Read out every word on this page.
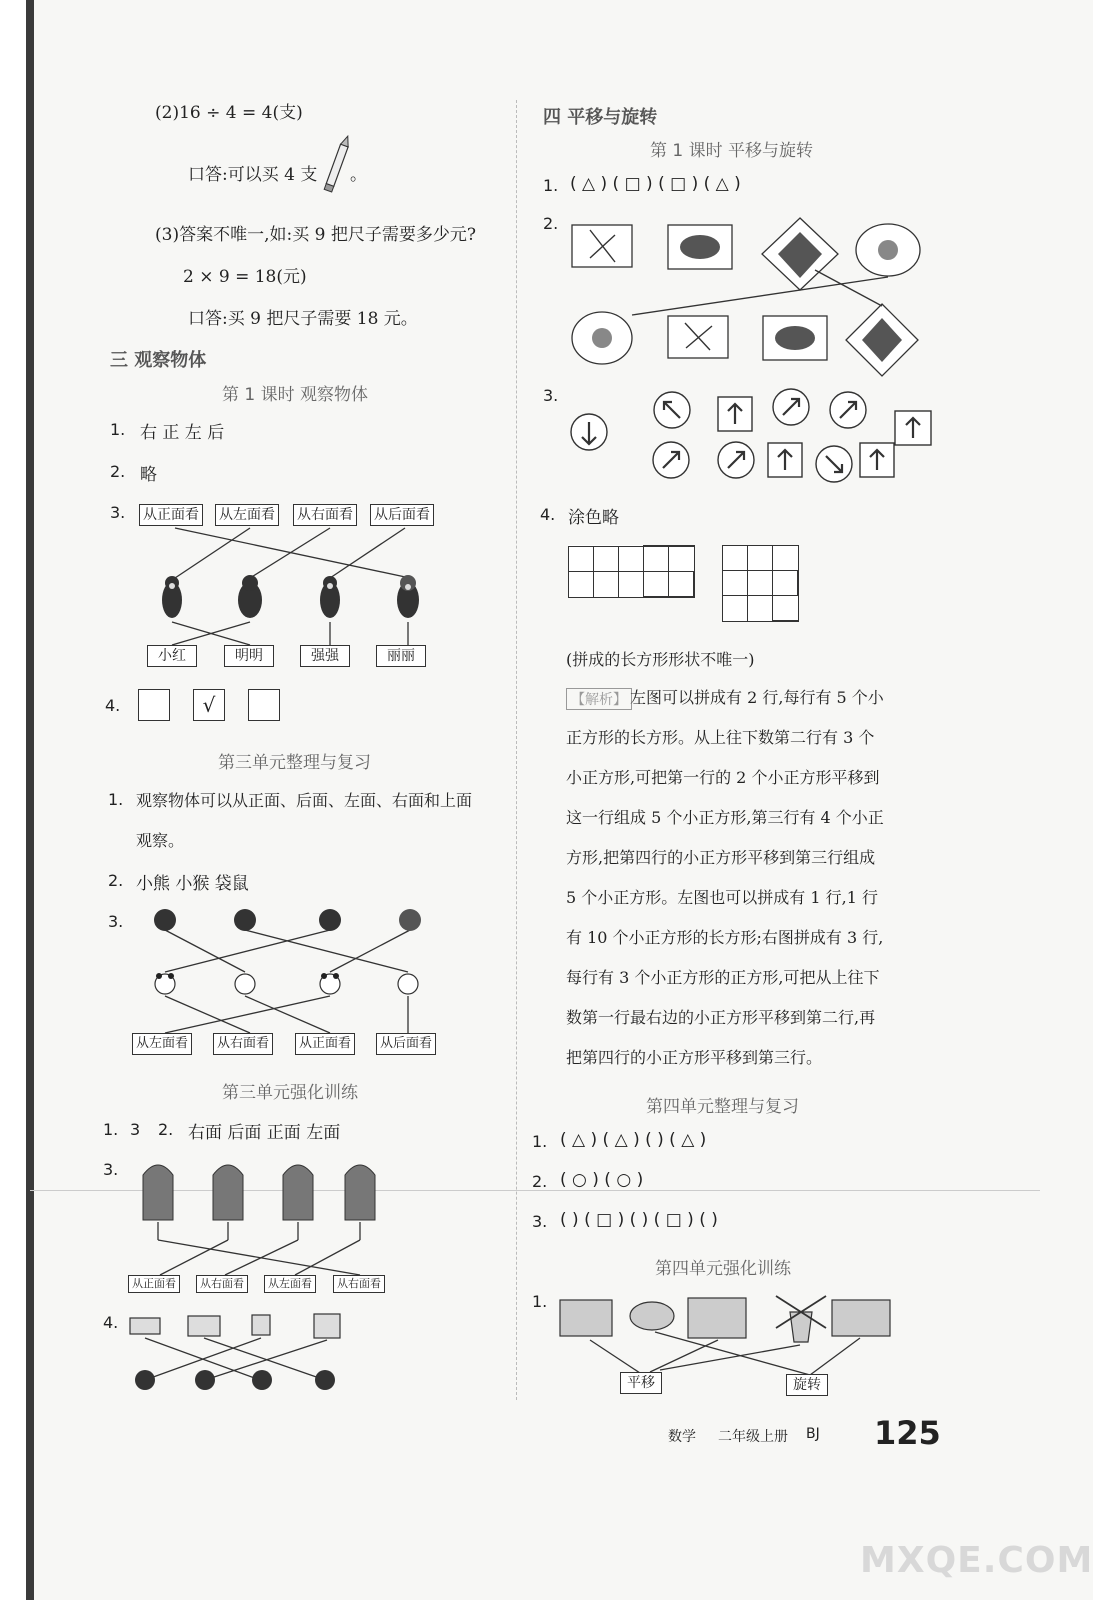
(2)16 ÷ 4 = 4(支)
口答:可以买 4 支 。
(3)答案不唯一,如:买 9 把尺子需要多少元?
2 × 9 = 18(元)
口答:买 9 把尺子需要 18 元。
三 观察物体
第 1 课时 观察物体
1. 右 正 左 后
2. 略
3. 从正面看 从左面看 从右面看 从后面看
小红	明明	强强	丽丽
4.	√
第三单元整理与复习
1. 观察物体可以从正面、后面、左面、右面和上面
观察。
2. 小熊 小猴 袋鼠
3.
从左面看	从右面看	从正面看	从后面看
第三单元强化训练
1. 3 2. 右面 后面 正面 左面
3.
从正面看	从右面看	从左面看	从右面看
4.
四 平移与旋转
第 1 课时 平移与旋转
1. ( △ ) ( □ ) ( □ ) ( △ )
2.
3.
4. 涂色略

(拼成的长方形形状不唯一)
【解析】 左图可以拼成有 2 行,每行有 5 个小
正方形的长方形。从上往下数第二行有 3 个
小正方形,可把第一行的 2 个小正方形平移到
这一行组成 5 个小正方形,第三行有 4 个小正
方形,把第四行的小正方形平移到第三行组成
5 个小正方形。左图也可以拼成有 1 行,1 行
有 10 个小正方形的长方形;右图拼成有 3 行,
每行有 3 个小正方形的正方形,可把从上往下
数第一行最右边的小正方形平移到第二行,再
把第四行的小正方形平移到第三行。
第四单元整理与复习
1. ( △ ) ( △ ) ( ) ( △ )
2. ( ○ ) ( ○ )
3. ( ) ( □ ) ( ) ( □ ) ( )
第四单元强化训练
1.
平移	旋转
数学 二年级上册 BJ 125
MXQE.COM
